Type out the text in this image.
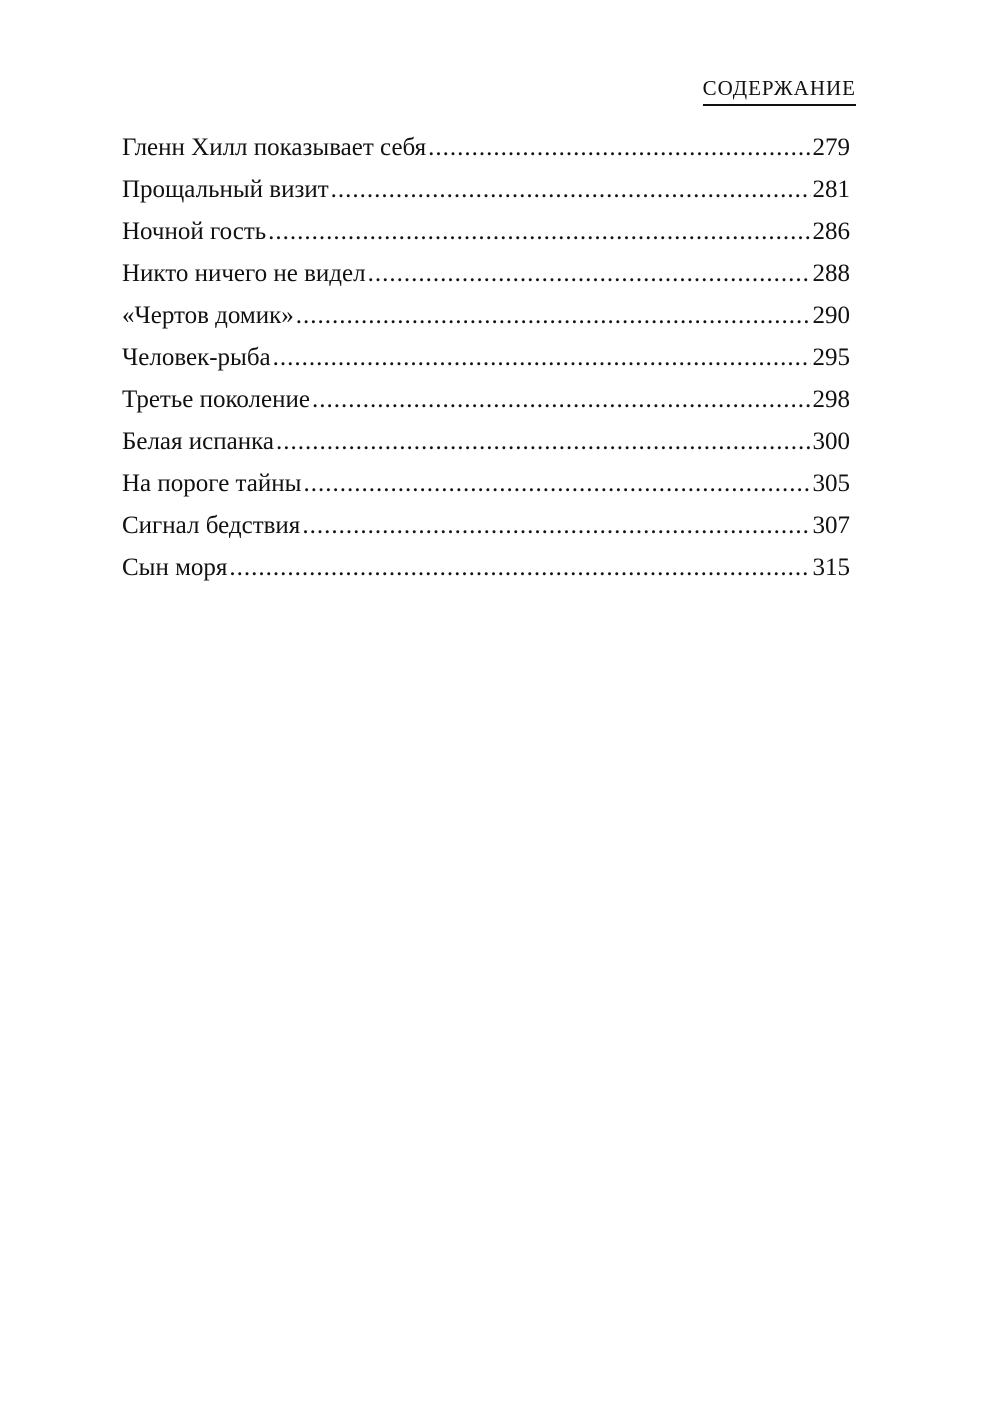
СОДЕРЖАНИЕ
Гленн Хилл показывает себя .....	279
Прощальный визит .....	281
Ночной гость .....	286
Никто ничего не видел .....	288
«Чертов домик» .....	290
Человек-рыба .....	295
Третье поколение .....	298
Белая испанка .....	300
На пороге тайны .....	305
Сигнал бедствия .....	307
Сын моря .....	315
